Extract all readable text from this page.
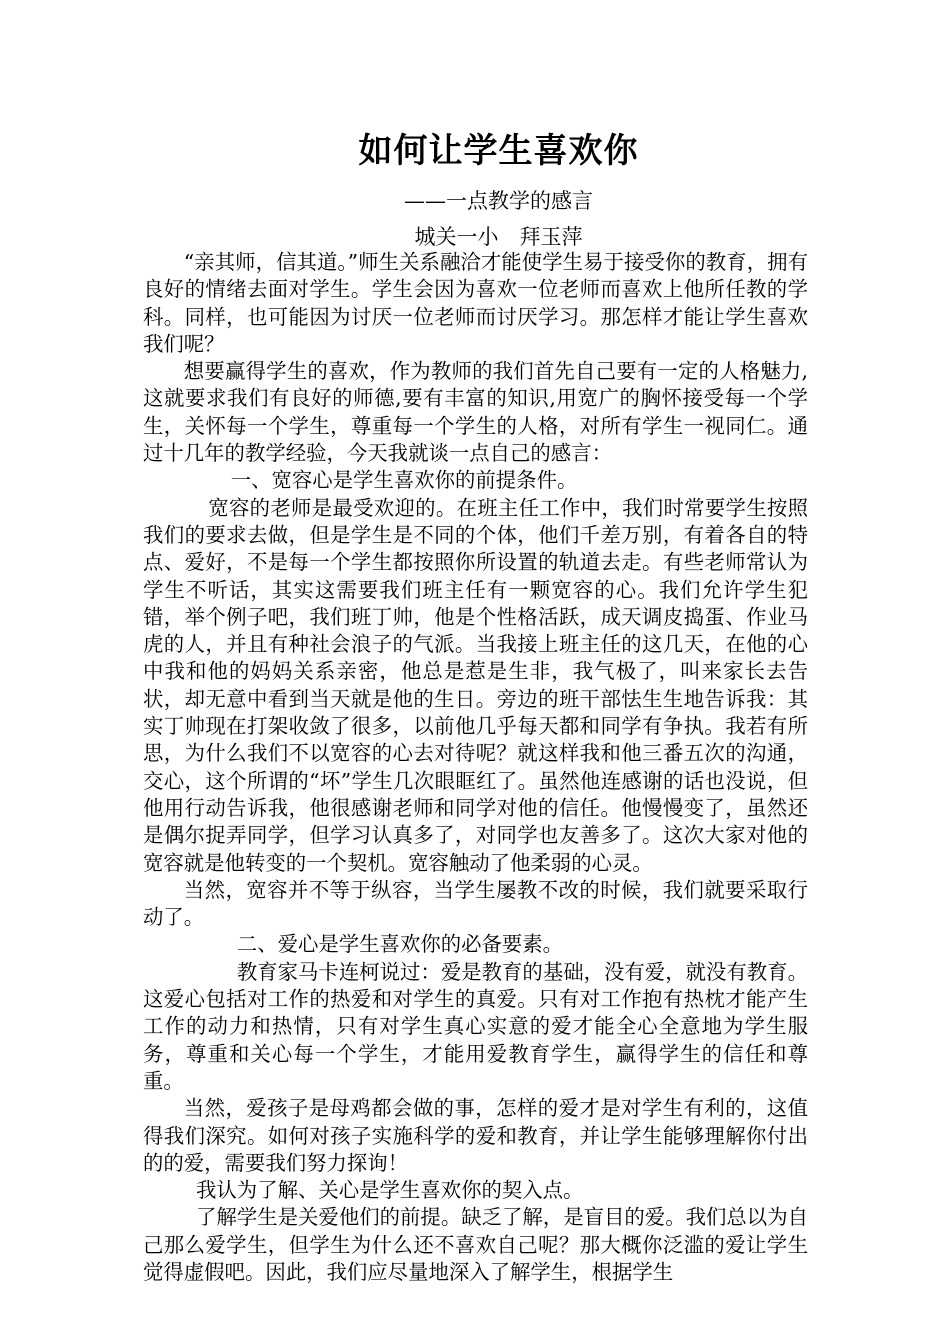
如何让学生喜欢你
——一点教学的感言
城关一小　拜玉萍

“亲其师，信其道。”师生关系融洽才能使学生易于接受你的教育，拥有良好的情绪去面对学生。学生会因为喜欢一位老师而喜欢上他所任教的学科。同样，也可能因为讨厌一位老师而讨厌学习。那怎样才能让学生喜欢我们呢？

想要赢得学生的喜欢，作为教师的我们首先自己要有一定的人格魅力,这就要求我们有良好的师德,要有丰富的知识,用宽广的胸怀接受每一个学生，关怀每一个学生，尊重每一个学生的人格，对所有学生一视同仁。通过十几年的教学经验，今天我就谈一点自己的感言：

一、宽容心是学生喜欢你的前提条件。

宽容的老师是最受欢迎的。在班主任工作中，我们时常要学生按照我们的要求去做，但是学生是不同的个体，他们千差万别，有着各自的特点、爱好，不是每一个学生都按照你所设置的轨道去走。有些老师常认为学生不听话，其实这需要我们班主任有一颗宽容的心。我们允许学生犯错，举个例子吧，我们班丁帅，他是个性格活跃，成天调皮捣蛋、作业马虎的人，并且有种社会浪子的气派。当我接上班主任的这几天，在他的心中我和他的妈妈关系亲密，他总是惹是生非，我气极了，叫来家长去告状，却无意中看到当天就是他的生日。旁边的班干部怯生生地告诉我：其实丁帅现在打架收敛了很多，以前他几乎每天都和同学有争执。我若有所思，为什么我们不以宽容的心去对待呢？就这样我和他三番五次的沟通，交心，这个所谓的“坏”学生几次眼眶红了。虽然他连感谢的话也没说，但他用行动告诉我，他很感谢老师和同学对他的信任。他慢慢变了，虽然还是偶尔捉弄同学，但学习认真多了，对同学也友善多了。这次大家对他的宽容就是他转变的一个契机。宽容触动了他柔弱的心灵。

当然，宽容并不等于纵容，当学生屡教不改的时候，我们就要采取行动了。

二、爱心是学生喜欢你的必备要素。

教育家马卡连柯说过：爱是教育的基础，没有爱，就没有教育。这爱心包括对工作的热爱和对学生的真爱。只有对工作抱有热枕才能产生工作的动力和热情，只有对学生真心实意的爱才能全心全意地为学生服务，尊重和关心每一个学生，才能用爱教育学生，赢得学生的信任和尊重。

当然，爱孩子是母鸡都会做的事，怎样的爱才是对学生有利的，这值得我们深究。如何对孩子实施科学的爱和教育，并让学生能够理解你付出的的爱，需要我们努力探询！

我认为了解、关心是学生喜欢你的契入点。

了解学生是关爱他们的前提。缺乏了解，是盲目的爱。我们总以为自己那么爱学生，但学生为什么还不喜欢自己呢？那大概你泛滥的爱让学生觉得虚假吧。因此，我们应尽量地深入了解学生，根据学生
